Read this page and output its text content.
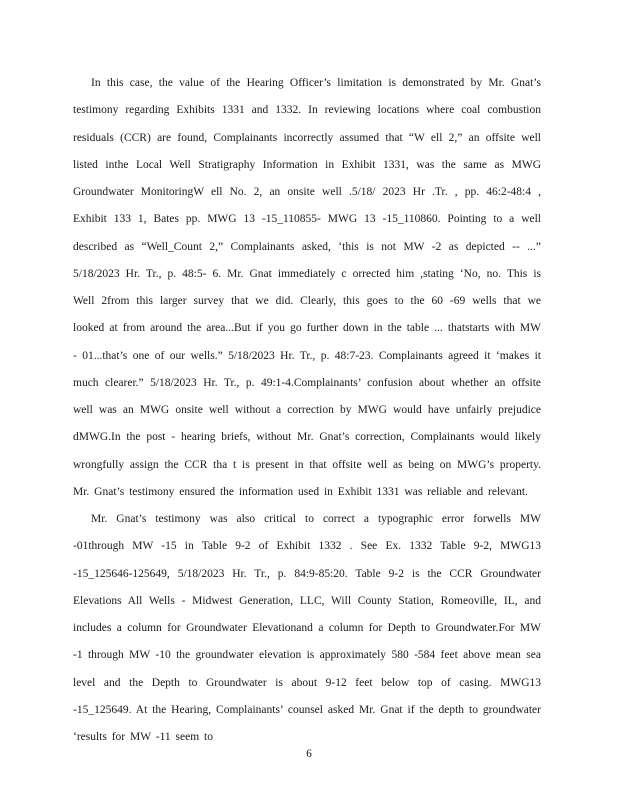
In this case, the value of the Hearing Officer’s limitation is demonstrated by Mr. Gnat’s testimony regarding Exhibits 1331 and 1332. In reviewing locations where coal combustion residuals (CCR) are found, Complainants incorrectly assumed that “W ell 2,” an offsite well listed inthe Local Well Stratigraphy Information in Exhibit 1331, was the same as MWG Groundwater MonitoringW ell No. 2, an onsite well .5/18/ 2023 Hr .Tr. , pp. 46:2-48:4 , Exhibit 133 1, Bates pp. MWG 13 -15_110855- MWG 13 -15_110860. Pointing to a well described as “Well_Count 2,” Complainants asked, ‘this is not MW -2 as depicted -- ...” 5/18/2023 Hr. Tr., p. 48:5- 6. Mr. Gnat immediately c orrected him ,stating ‘No, no. This is Well 2from this larger survey that we did. Clearly, this goes to the 60 -69 wells that we looked at from around the area...But if you go further down in the table ... thatstarts with MW - 01...that’s one of our wells.” 5/18/2023 Hr. Tr., p. 48:7-23. Complainants agreed it ‘makes it much clearer.” 5/18/2023 Hr. Tr., p. 49:1-4.Complainants’ confusion about whether an offsite well was an MWG onsite well without a correction by MWG would have unfairly prejudice dMWG.In the post - hearing briefs, without Mr. Gnat’s correction, Complainants would likely wrongfully assign the CCR tha t is present in that offsite well as being on MWG’s property. Mr. Gnat’s testimony ensured the information used in Exhibit 1331 was reliable and relevant.

Mr. Gnat’s testimony was also critical to correct a typographic error forwells MW -01through MW -15 in Table 9-2 of Exhibit 1332 . See Ex. 1332 Table 9-2, MWG13 -15_125646-125649, 5/18/2023 Hr. Tr., p. 84:9-85:20. Table 9-2 is the CCR Groundwater Elevations All Wells - Midwest Generation, LLC, Will County Station, Romeoville, IL, and includes a column for Groundwater Elevationand a column for Depth to Groundwater.For MW -1 through MW -10 the groundwater elevation is approximately 580 -584 feet above mean sea level and the Depth to Groundwater is about 9-12 feet below top of casing. MWG13 -15_125649. At the Hearing, Complainants’ counsel asked Mr. Gnat if the depth to groundwater ‘results for MW -11 seem to

6
